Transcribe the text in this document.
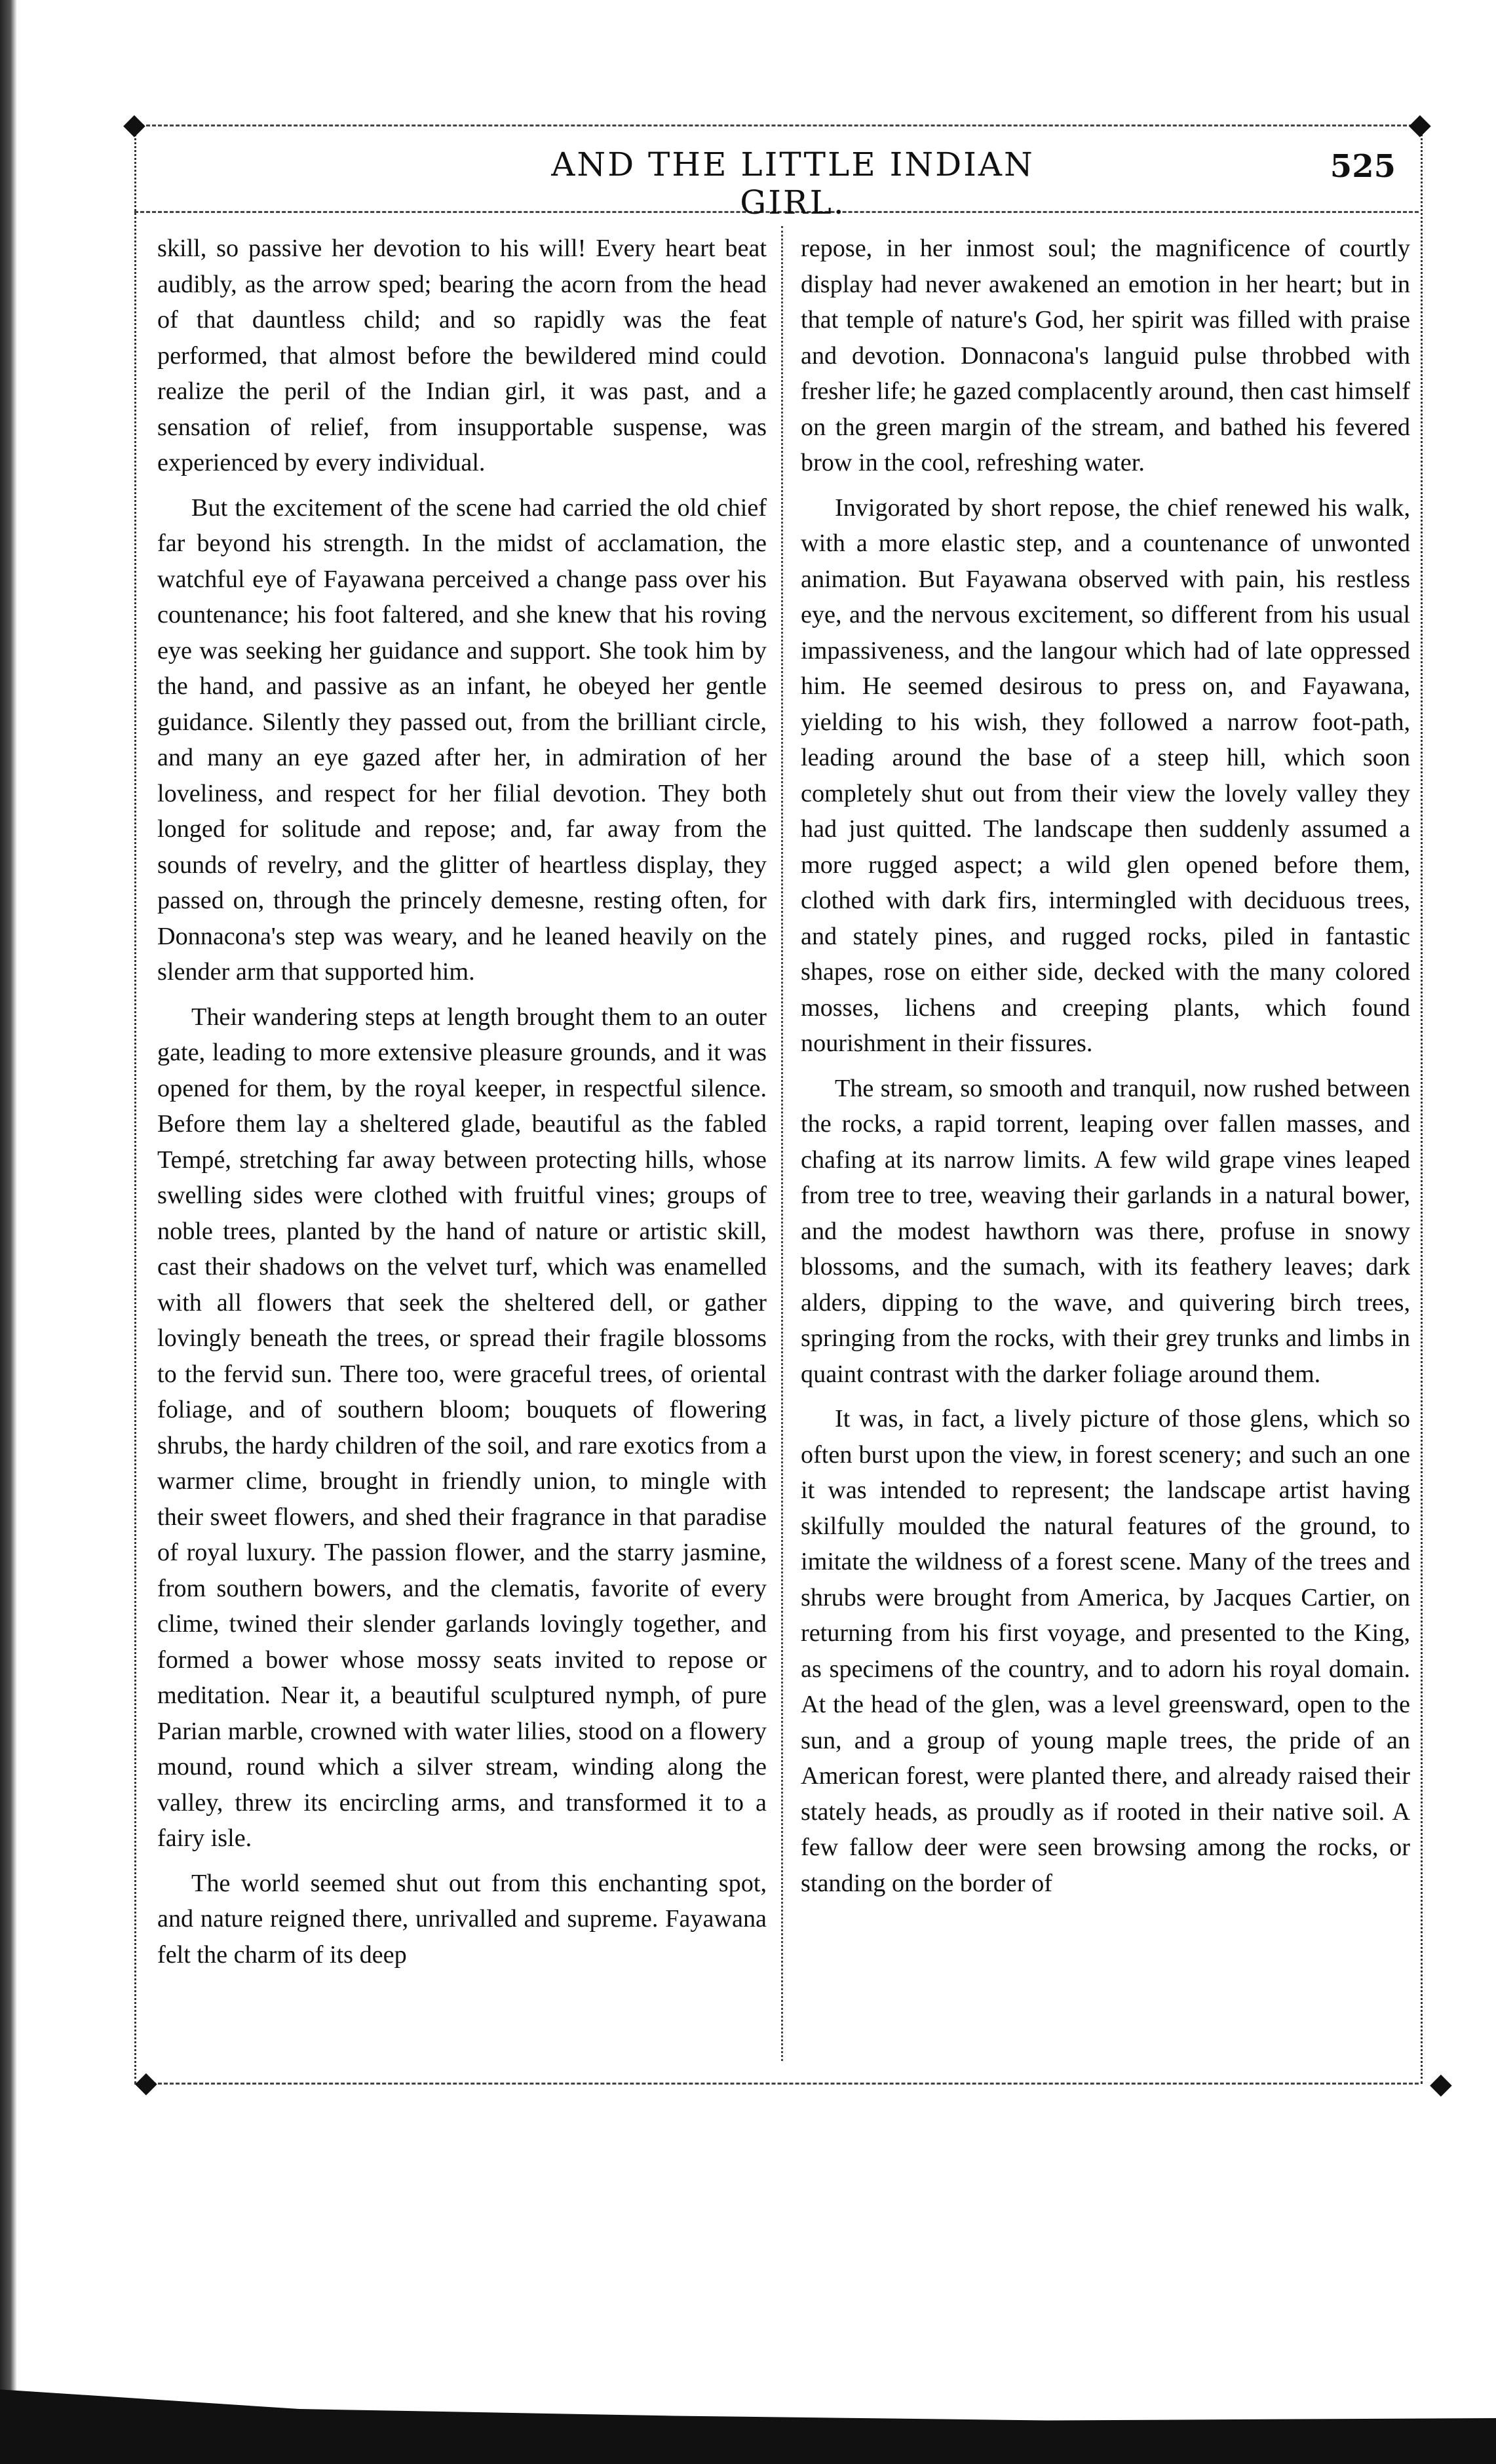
◆	◆
◆	◆
AND THE LITTLE INDIAN GIRL.
525

skill, so passive her devotion to his will! Every heart beat audibly, as the arrow sped; bearing the acorn from the head of that dauntless child; and so rapidly was the feat performed, that almost before the bewildered mind could realize the peril of the Indian girl, it was past, and a sensation of relief, from insupportable suspense, was experienced by every individual.

But the excitement of the scene had carried the old chief far beyond his strength. In the midst of acclamation, the watchful eye of Fayawana perceived a change pass over his countenance; his foot faltered, and she knew that his roving eye was seeking her guidance and support. She took him by the hand, and passive as an infant, he obeyed her gentle guidance. Silently they passed out, from the brilliant circle, and many an eye gazed after her, in admiration of her loveliness, and respect for her filial devotion. They both longed for solitude and repose; and, far away from the sounds of revelry, and the glitter of heartless display, they passed on, through the princely demesne, resting often, for Donnacona's step was weary, and he leaned heavily on the slender arm that supported him.

Their wandering steps at length brought them to an outer gate, leading to more extensive pleasure grounds, and it was opened for them, by the royal keeper, in respectful silence. Before them lay a sheltered glade, beautiful as the fabled Tempé, stretching far away between protecting hills, whose swelling sides were clothed with fruitful vines; groups of noble trees, planted by the hand of nature or artistic skill, cast their shadows on the velvet turf, which was enamelled with all flowers that seek the sheltered dell, or gather lovingly beneath the trees, or spread their fragile blossoms to the fervid sun. There too, were graceful trees, of oriental foliage, and of southern bloom; bouquets of flowering shrubs, the hardy children of the soil, and rare exotics from a warmer clime, brought in friendly union, to mingle with their sweet flowers, and shed their fragrance in that paradise of royal luxury. The passion flower, and the starry jasmine, from southern bowers, and the clematis, favorite of every clime, twined their slender garlands lovingly together, and formed a bower whose mossy seats invited to repose or meditation. Near it, a beautiful sculptured nymph, of pure Parian marble, crowned with water lilies, stood on a flowery mound, round which a silver stream, winding along the valley, threw its encircling arms, and transformed it to a fairy isle.

The world seemed shut out from this enchanting spot, and nature reigned there, unrivalled and supreme. Fayawana felt the charm of its deep

repose, in her inmost soul; the magnificence of courtly display had never awakened an emotion in her heart; but in that temple of nature's God, her spirit was filled with praise and devotion. Donnacona's languid pulse throbbed with fresher life; he gazed complacently around, then cast himself on the green margin of the stream, and bathed his fevered brow in the cool, refreshing water.

Invigorated by short repose, the chief renewed his walk, with a more elastic step, and a countenance of unwonted animation. But Fayawana observed with pain, his restless eye, and the nervous excitement, so different from his usual impassiveness, and the langour which had of late oppressed him. He seemed desirous to press on, and Fayawana, yielding to his wish, they followed a narrow foot-path, leading around the base of a steep hill, which soon completely shut out from their view the lovely valley they had just quitted. The landscape then suddenly assumed a more rugged aspect; a wild glen opened before them, clothed with dark firs, intermingled with deciduous trees, and stately pines, and rugged rocks, piled in fantastic shapes, rose on either side, decked with the many colored mosses, lichens and creeping plants, which found nourishment in their fissures.

The stream, so smooth and tranquil, now rushed between the rocks, a rapid torrent, leaping over fallen masses, and chafing at its narrow limits. A few wild grape vines leaped from tree to tree, weaving their garlands in a natural bower, and the modest hawthorn was there, profuse in snowy blossoms, and the sumach, with its feathery leaves; dark alders, dipping to the wave, and quivering birch trees, springing from the rocks, with their grey trunks and limbs in quaint contrast with the darker foliage around them.

It was, in fact, a lively picture of those glens, which so often burst upon the view, in forest scenery; and such an one it was intended to represent; the landscape artist having skilfully moulded the natural features of the ground, to imitate the wildness of a forest scene. Many of the trees and shrubs were brought from America, by Jacques Cartier, on returning from his first voyage, and presented to the King, as specimens of the country, and to adorn his royal domain. At the head of the glen, was a level greensward, open to the sun, and a group of young maple trees, the pride of an American forest, were planted there, and already raised their stately heads, as proudly as if rooted in their native soil. A few fallow deer were seen browsing among the rocks, or standing on the border of
